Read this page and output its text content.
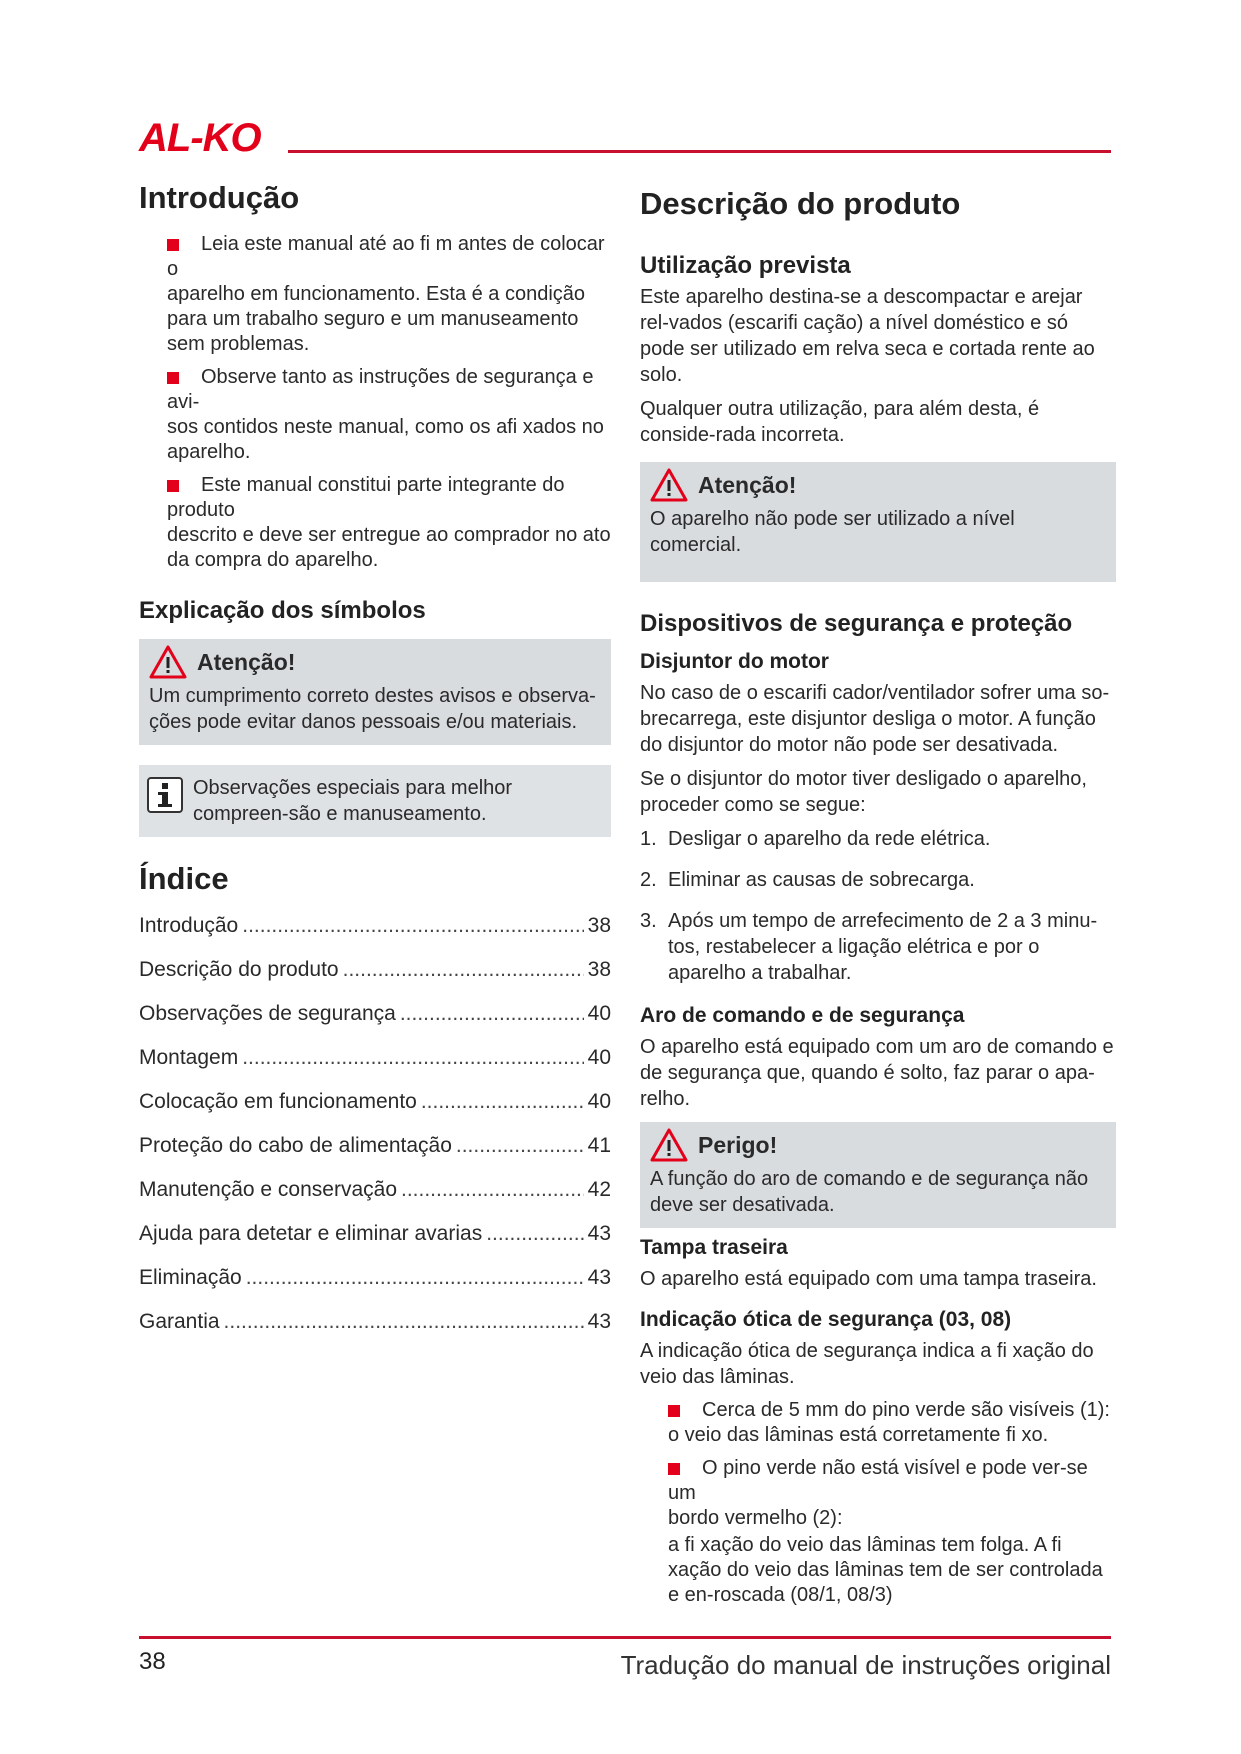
AL-KO
Introdução
Leia este manual até ao fi m antes de colocar o
aparelho em funcionamento. Esta é a condição para um trabalho seguro e um manuseamento sem problemas.
Observe tanto as instruções de segurança e avi-
sos contidos neste manual, como os afi xados no aparelho.
Este manual constitui parte integrante do produto
descrito e deve ser entregue ao comprador no ato da compra do aparelho.
Explicação dos símbolos
Atenção!

Um cumprimento correto destes avisos e observa-ções pode evitar danos pessoais e/ou materiais.

Observações especiais para melhor compreen-são e manuseamento.

Índice
Introdução .....	38
Descrição do produto .....	38
Observações de segurança .....	40
Montagem .....	40
Colocação em funcionamento .....	40
Proteção do cabo de alimentação .....	41
Manutenção e conservação .....	42
Ajuda para detetar e eliminar avarias .....	43
Eliminação .....	43
Garantia .....	43
Descrição do produto
Utilização prevista

Este aparelho destina-se a descompactar e arejar rel-vados (escarifi cação) a nível doméstico e só pode ser utilizado em relva seca e cortada rente ao solo.

Qualquer outra utilização, para além desta, é conside-rada incorreta.

Atenção!

O aparelho não pode ser utilizado a nível comercial.

Dispositivos de segurança e proteção
Disjuntor do motor

No caso de o escarifi cador/ventilador sofrer uma so-brecarrega, este disjuntor desliga o motor. A função do disjuntor do motor não pode ser desativada.

Se o disjuntor do motor tiver desligado o aparelho, proceder como se segue:

1. Desligar o aparelho da rede elétrica.
2. Eliminar as causas de sobrecarga.
3. Após um tempo de arrefecimento de 2 a 3 minu-tos, restabelecer a ligação elétrica e por o aparelho a trabalhar.
Aro de comando e de segurança

O aparelho está equipado com um aro de comando e de segurança que, quando é solto, faz parar o apa-relho.

Perigo!

A função do aro de comando e de segurança não deve ser desativada.

Tampa traseira

O aparelho está equipado com uma tampa traseira.

Indicação ótica de segurança (03, 08)

A indicação ótica de segurança indica a fi xação do veio das lâminas.

Cerca de 5 mm do pino verde são visíveis (1):
o veio das lâminas está corretamente fi xo.
O pino verde não está visível e pode ver-se um
bordo vermelho (2):
a fi xação do veio das lâminas tem folga. A fi xação do veio das lâminas tem de ser controlada e en-roscada (08/1, 08/3)
38	Tradução do manual de instruções original
